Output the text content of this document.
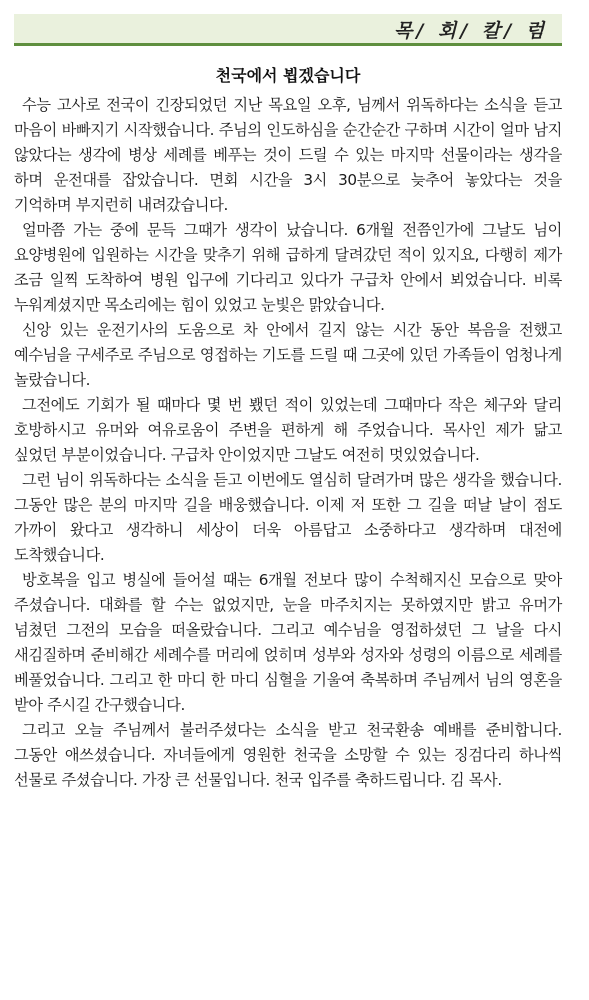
목/ 회/ 칼/ 럼
천국에서 뵙겠습니다

수능 고사로 전국이 긴장되었던 지난 목요일 오후, 님께서 위독하다는 소식을 듣고 마음이 바빠지기 시작했습니다. 주님의 인도하심을 순간순간 구하며 시간이 얼마 남지 않았다는 생각에 병상 세례를 베푸는 것이 드릴 수 있는 마지막 선물이라는 생각을 하며 운전대를 잡았습니다. 면회 시간을 3시 30분으로 늦추어 놓았다는 것을 기억하며 부지런히 내려갔습니다.

얼마쯤 가는 중에 문득 그때가 생각이 났습니다. 6개월 전쯤인가에 그날도 님이 요양병원에 입원하는 시간을 맞추기 위해 급하게 달려갔던 적이 있지요, 다행히 제가 조금 일찍 도착하여 병원 입구에 기다리고 있다가 구급차 안에서 뵈었습니다. 비록 누워계셨지만 목소리에는 힘이 있었고 눈빛은 맑았습니다.

신앙 있는 운전기사의 도움으로 차 안에서 길지 않는 시간 동안 복음을 전했고 예수님을 구세주로 주님으로 영접하는 기도를 드릴 때 그곳에 있던 가족들이 엄청나게 놀랐습니다.

그전에도 기회가 될 때마다 몇 번 뵀던 적이 있었는데 그때마다 작은 체구와 달리 호방하시고 유머와 여유로움이 주변을 편하게 해 주었습니다. 목사인 제가 닮고 싶었던 부분이었습니다. 구급차 안이었지만 그날도 여전히 멋있었습니다.

그런 님이 위독하다는 소식을 듣고 이번에도 열심히 달려가며 많은 생각을 했습니다. 그동안 많은 분의 마지막 길을 배웅했습니다. 이제 저 또한 그 길을 떠날 날이 점도 가까이 왔다고 생각하니 세상이 더욱 아름답고 소중하다고 생각하며 대전에 도착했습니다.

방호복을 입고 병실에 들어설 때는 6개월 전보다 많이 수척해지신 모습으로 맞아 주셨습니다. 대화를 할 수는 없었지만, 눈을 마주치지는 못하였지만 밝고 유머가 넘쳤던 그전의 모습을 떠올랐습니다. 그리고 예수님을 영접하셨던 그 날을 다시 새김질하며 준비해간 세례수를 머리에 얹히며 성부와 성자와 성령의 이름으로 세례를 베풀었습니다. 그리고 한 마디 한 마디 심혈을 기울여 축복하며 주님께서 님의 영혼을 받아 주시길 간구했습니다.

그리고 오늘 주님께서 불러주셨다는 소식을 받고 천국환송 예배를 준비합니다. 그동안 애쓰셨습니다. 자녀들에게 영원한 천국을 소망할 수 있는 징검다리 하나씩 선물로 주셨습니다. 가장 큰 선물입니다. 천국 입주를 축하드립니다. 김 목사.
